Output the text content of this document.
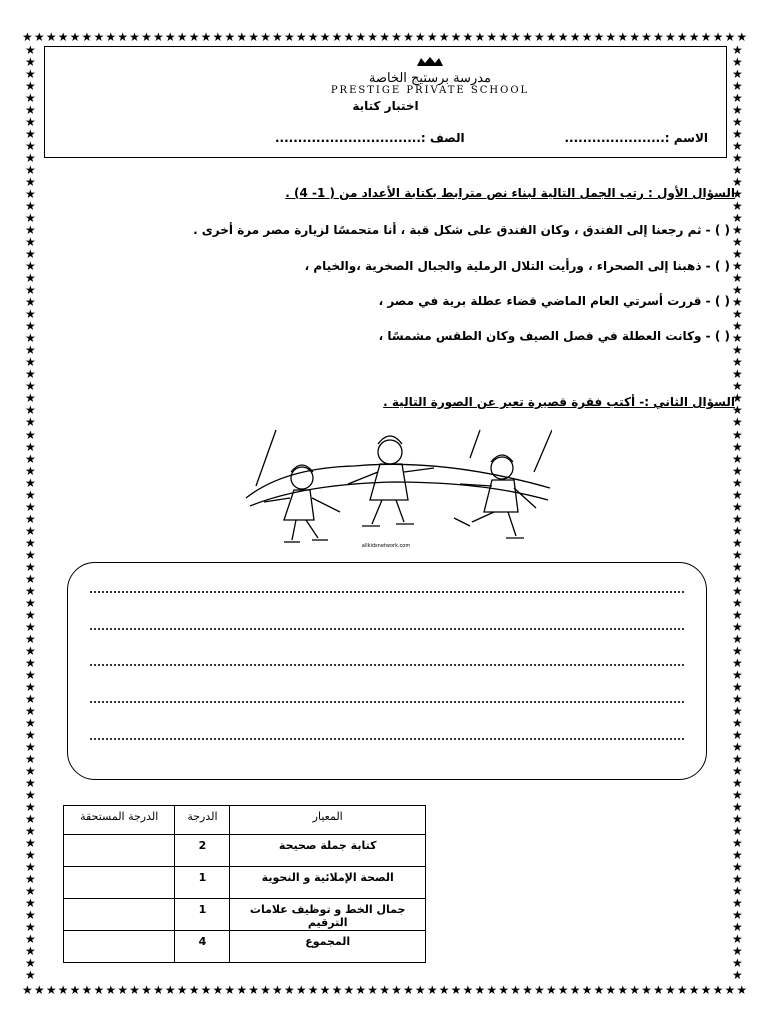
★ ★ ★ ★ ★ ★ ★ ★ ★ ★ ★ ★ ★ ★ ★ ★ ★ ★ ★ ★ ★ ★ ★ ★ ★ ★ ★ ★ ★ ★ ★ ★ ★ ★ ★ ★ ★ ★ ★ ★ ★ ★ ★ ★ ★ ★ ★ ★ ★ ★ ★ ★ ★ ★ ★ ★ ★ ★ ★ ★ ★
★ ★ ★ ★ ★ ★ ★ ★ ★ ★ ★ ★ ★ ★ ★ ★ ★ ★ ★ ★ ★ ★ ★ ★ ★ ★ ★ ★ ★ ★ ★ ★ ★ ★ ★ ★ ★ ★ ★ ★ ★ ★ ★ ★ ★ ★ ★ ★ ★ ★ ★ ★ ★ ★ ★ ★ ★ ★ ★ ★ ★
★
★
★
★
★
★
★
★
★
★
★
★
★
★
★
★
★
★
★
★
★
★
★
★
★
★
★
★
★
★
★
★
★
★
★
★
★
★
★
★
★
★
★
★
★
★
★
★
★
★
★
★
★
★
★
★
★
★
★
★
★
★
★
★
★
★
★
★
★
★
★
★
★
★
★
★
★
★
★
★
★
★
★
★
★
★
★
★
★
★
★
★
★
★
★
★
★
★
★
★
★
★
★
★
★
★
★
★
★
★
★
★
★
★
★
★
★
★
★
★
★
★
★
★
★
★
★
★
★
★
★
★
★
★
★
★
★
★
★
★
★
★
★
★
★
★
★
★
★
★
★
★
★
★
★
★
مدرسة برستيج الخاصة
PRESTIGE PRIVATE SCHOOL
اختبار كتابة
الاسم :......................
الصف :................................
السؤال الأول : رتب الجمل التالية لبناء نص مترابط بكتابة الأعداد من ( 1- 4) .
( ) - ثم رجعنا إلى الفندق ، وكان الفندق على شكل قبة ، أنا متحمسًا لزيارة مصر مرة أخرى .
( ) - ذهبنا إلى الصحراء ، ورأيت التلال الرملية والجبال الصخرية ،والخيام ،
( ) - قررت أسرتي العام الماضي قضاء عطلة برية في مصر ،
( ) - وكانت العطلة في فصل الصيف وكان الطقس مشمسًا ،
السؤال الثاني :- أكتب فقرة قصيرة تعبر عن الصورة التالية .
allkidsnetwork.com
المعيار	الدرجة	الدرجة المستحقة
كتابة جملة صحيحة	2	
الصحة الإملائية و النحوية	1	
جمال الخط و توظيف علامات الترقيم	1	
المجموع	4	
